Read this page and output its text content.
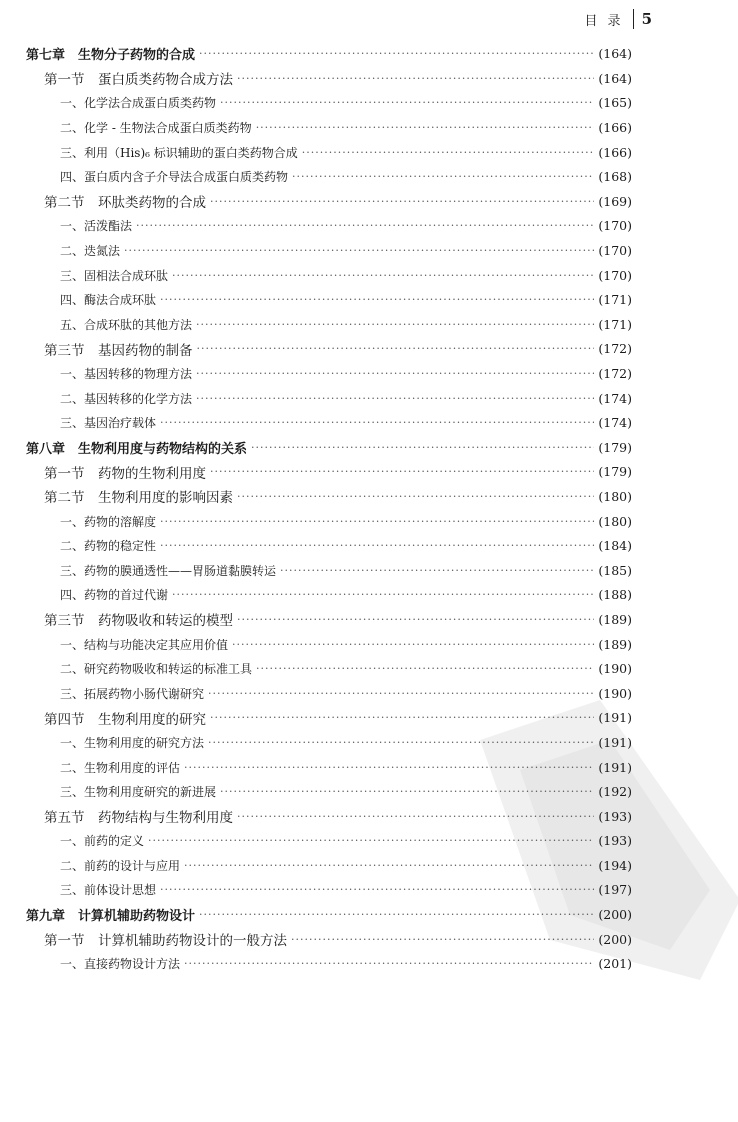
目录 5
第七章　生物分子药物的合成 ·····	(164)
第一节　蛋白质类药物合成方法 ·····	(164)
一、化学法合成蛋白质类药物 ·····	(165)
二、化学 - 生物法合成蛋白质类药物 ·····	(166)
三、利用（His)₆ 标识辅助的蛋白类药物合成 ·····	(166)
四、蛋白质内含子介导法合成蛋白质类药物 ·····	(168)
第二节　环肽类药物的合成 ·····	(169)
一、活泼酯法 ·····	(170)
二、迭氮法 ·····	(170)
三、固相法合成环肽 ·····	(170)
四、酶法合成环肽 ·····	(171)
五、合成环肽的其他方法 ·····	(171)
第三节　基因药物的制备 ·····	(172)
一、基因转移的物理方法 ·····	(172)
二、基因转移的化学方法 ·····	(174)
三、基因治疗载体 ·····	(174)
第八章　生物利用度与药物结构的关系 ·····	(179)
第一节　药物的生物利用度 ·····	(179)
第二节　生物利用度的影响因素 ·····	(180)
一、药物的溶解度 ·····	(180)
二、药物的稳定性 ·····	(184)
三、药物的膜通透性——胃肠道黏膜转运 ·····	(185)
四、药物的首过代谢 ·····	(188)
第三节　药物吸收和转运的模型 ·····	(189)
一、结构与功能决定其应用价值 ·····	(189)
二、研究药物吸收和转运的标准工具 ·····	(190)
三、拓展药物小肠代谢研究 ·····	(190)
第四节　生物利用度的研究 ·····	(191)
一、生物利用度的研究方法 ·····	(191)
二、生物利用度的评估 ·····	(191)
三、生物利用度研究的新进展 ·····	(192)
第五节　药物结构与生物利用度 ·····	(193)
一、前药的定义 ·····	(193)
二、前药的设计与应用 ·····	(194)
三、前体设计思想 ·····	(197)
第九章　计算机辅助药物设计 ·····	(200)
第一节　计算机辅助药物设计的一般方法 ·····	(200)
一、直接药物设计方法 ·····	(201)
